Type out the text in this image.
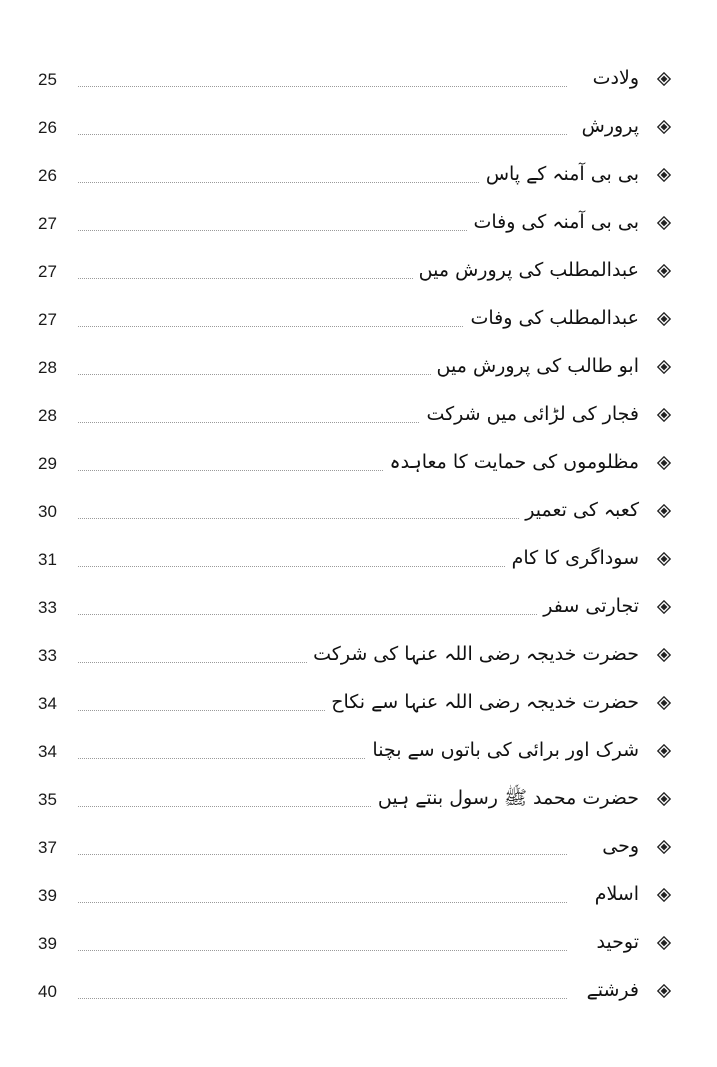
25	ولادت
26	پرورش
26	بی بی آمنہ کے پاس
27	بی بی آمنہ کی وفات
27	عبدالمطلب کی پرورش میں
27	عبدالمطلب کی وفات
28	ابو طالب کی پرورش میں
28	فجار کی لڑائی میں شرکت
29	مظلوموں کی حمایت کا معاہدہ
30	کعبہ کی تعمیر
31	سوداگری کا کام
33	تجارتی سفر
33	حضرت خدیجہ رضی اللہ عنہا کی شرکت
34	حضرت خدیجہ رضی اللہ عنہا سے نکاح
34	شرک اور برائی کی باتوں سے بچنا
35	حضرت محمد ﷺ رسول بنتے ہیں
37	وحی
39	اسلام
39	توحید
40	فرشتے
